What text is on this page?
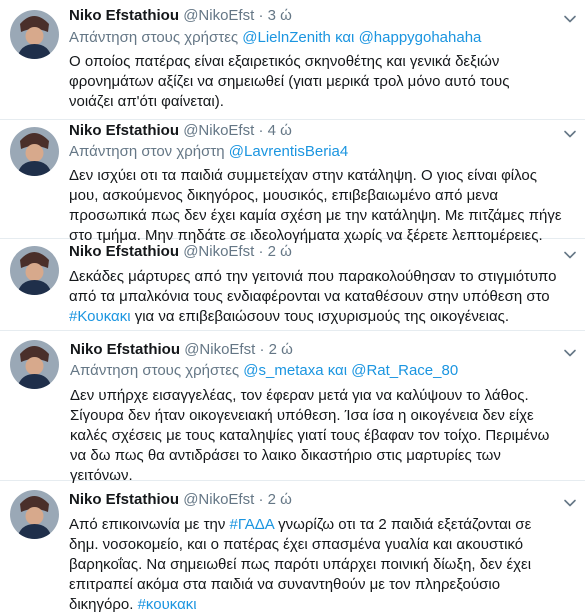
Niko Efstathiou @NikoEfst · 3 ώ
Απάντηση στους χρήστες @LielnZenith και @happygohahaha
Ο οποίος πατέρας είναι εξαιρετικός σκηνοθέτης και γενικά δεξιών
φρονημάτων αξίζει να σημειωθεί (γιατι μερικά τρολ μόνο αυτό τους
νοιάζει απ'ότι φαίνεται).
Niko Efstathiou @NikoEfst · 4 ώ
Απάντηση στον χρήστη @LavrentisBeria4
Δεν ισχύει οτι τα παιδιά συμμετείχαν στην κατάληψη. Ο γιος είναι φίλος
μου, ασκούμενος δικηγόρος, μουσικός, επιβεβαιωμένο από μενα
προσωπικά πως δεν έχει καμία σχέση με την κατάληψη. Με πιτζάμες πήγε
στο τμήμα. Μην πηδάτε σε ιδεολογήματα χωρίς να ξέρετε λεπτομέρειες.
Niko Efstathiou @NikoEfst · 2 ώ
Δεκάδες μάρτυρες από την γειτονιά που παρακολούθησαν το στιγμιότυπο
από τα μπαλκόνια τους ενδιαφέρονται να καταθέσουν στην υπόθεση στο
#Κουκακι για να επιβεβαιώσουν τους ισχυρισμούς της οικογένειας.
Niko Efstathiou @NikoEfst · 2 ώ
Απάντηση στους χρήστες @s_metaxa και @Rat_Race_80
Δεν υπήρχε εισαγγελέας, τον έφεραν μετά για να καλύψουν το λάθος.
Σίγουρα δεν ήταν οικογενειακή υπόθεση. Ίσα ίσα η οικογένεια δεν είχε
καλές σχέσεις με τους καταληψίες γιατί τους έβαφαν τον τοίχο. Περιμένω
να δω πως θα αντιδράσει το λαικο δικαστήριο στις μαρτυρίες των
γειτόνων.
Niko Efstathiou @NikoEfst · 2 ώ
Από επικοινωνία με την #ΓΑΔΑ γνωρίζω οτι τα 2 παιδιά εξετάζονται σε
δημ. νοσοκομείο, και ο πατέρας έχει σπασμένα γυαλία και ακουστικό
βαρηκοΐας. Να σημειωθεί πως παρότι υπάρχει ποινική δίωξη, δεν έχει
επιτραπεί ακόμα στα παιδιά να συναντηθούν με τον πληρεξούσιο
δικηγόρο. #κουκακι
